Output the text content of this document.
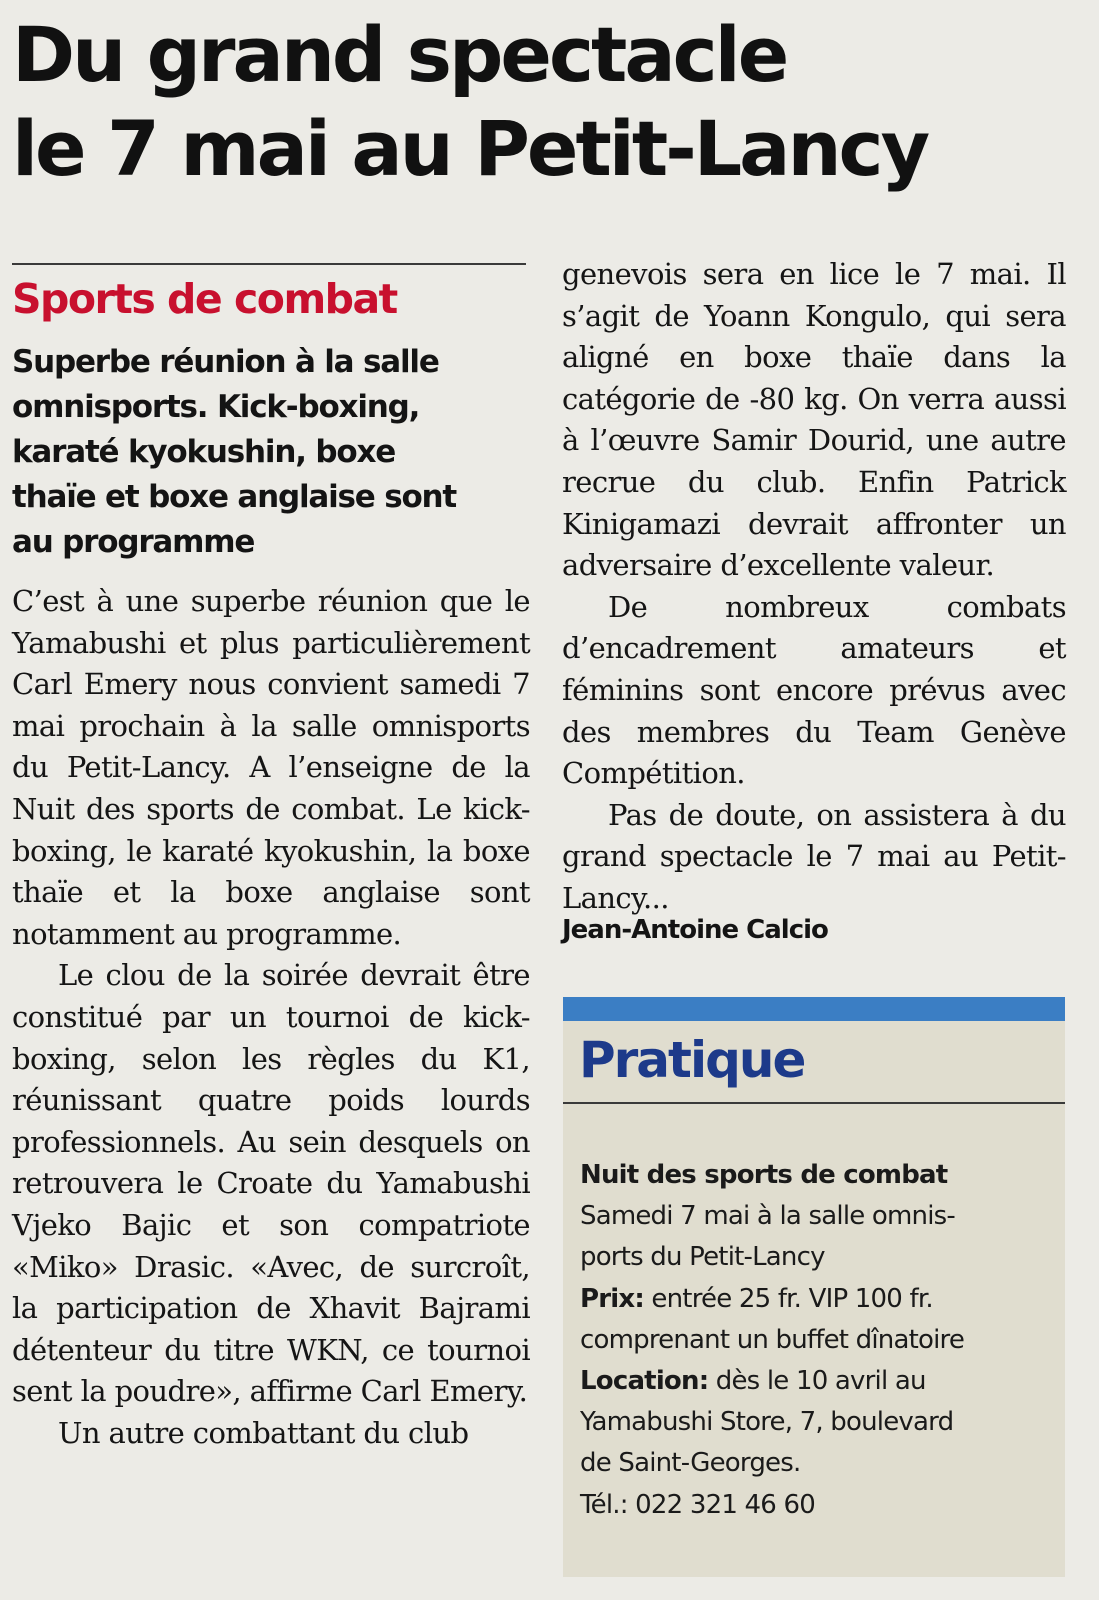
Du grand spectacle
le 7 mai au Petit-Lancy
Sports de combat
Superbe réunion à la salle
omnisports. Kick-boxing,
karaté kyokushin, boxe
thaïe et boxe anglaise sont
au programme

C’est à une superbe réunion que le Yamabushi et plus particulièrement Carl Emery nous convient samedi 7 mai prochain à la salle omnisports du Petit-Lancy. A l’enseigne de la Nuit des sports de combat. Le kick-boxing, le karaté kyokushin, la boxe thaïe et la boxe anglaise sont notamment au programme.

Le clou de la soirée devrait être constitué par un tournoi de kick-boxing, selon les règles du K1, réunissant quatre poids lourds professionnels. Au sein desquels on retrouvera le Croate du Yamabushi Vjeko Bajic et son compatriote «Miko» Drasic. «Avec, de surcroît, la participation de Xhavit Bajrami détenteur du titre WKN, ce tournoi sent la poudre», affirme Carl Emery.

Un autre combattant du club

genevois sera en lice le 7 mai. Il s’agit de Yoann Kongulo, qui sera aligné en boxe thaïe dans la catégorie de -80 kg. On verra aussi à l’œuvre Samir Dourid, une autre recrue du club. Enfin Patrick Kinigamazi devrait affronter un adversaire d’excellente valeur.

De nombreux combats d’encadrement amateurs et féminins sont encore prévus avec des membres du Team Genève Compétition.

Pas de doute, on assistera à du grand spectacle le 7 mai au Petit-Lancy...

Jean-Antoine Calcio
Pratique
Nuit des sports de combat
Samedi 7 mai à la salle omnis-
ports du Petit-Lancy
Prix: entrée 25 fr. VIP 100 fr.
comprenant un buffet dînatoire
Location: dès le 10 avril au
Yamabushi Store, 7, boulevard
de Saint-Georges.
Tél.: 022 321 46 60
